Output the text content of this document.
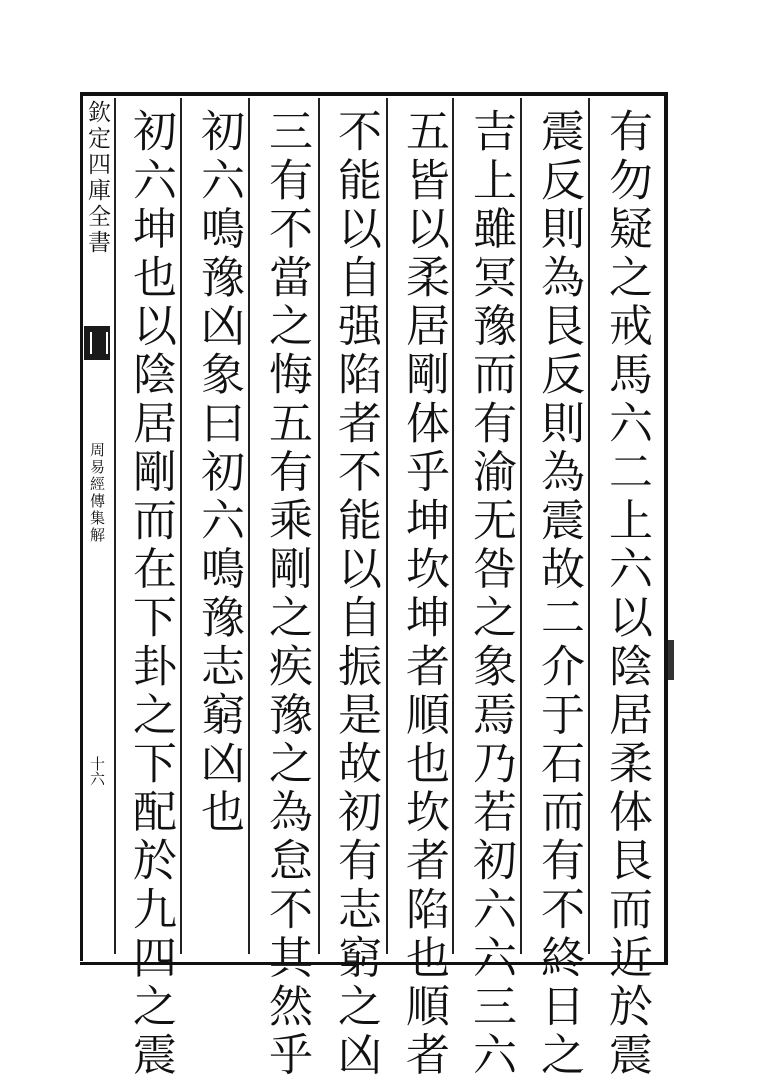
欽定四庫全書
周易經傳集解
十六	有勿疑之戒馬六二上六以陰居柔体艮而近於震
震反則為艮反則為震故二介于石而有不終日之
吉上雖冥豫而有渝无咎之象焉乃若初六六三六
五皆以柔居剛体乎坤坎坤者順也坎者陷也順者
不能以自强陷者不能以自振是故初有志窮之凶
三有不當之悔五有乘剛之疾豫之為怠不其然乎
初六鳴豫凶象曰初六鳴豫志窮凶也
初六坤也以陰居剛而在下卦之下配於九四之震
